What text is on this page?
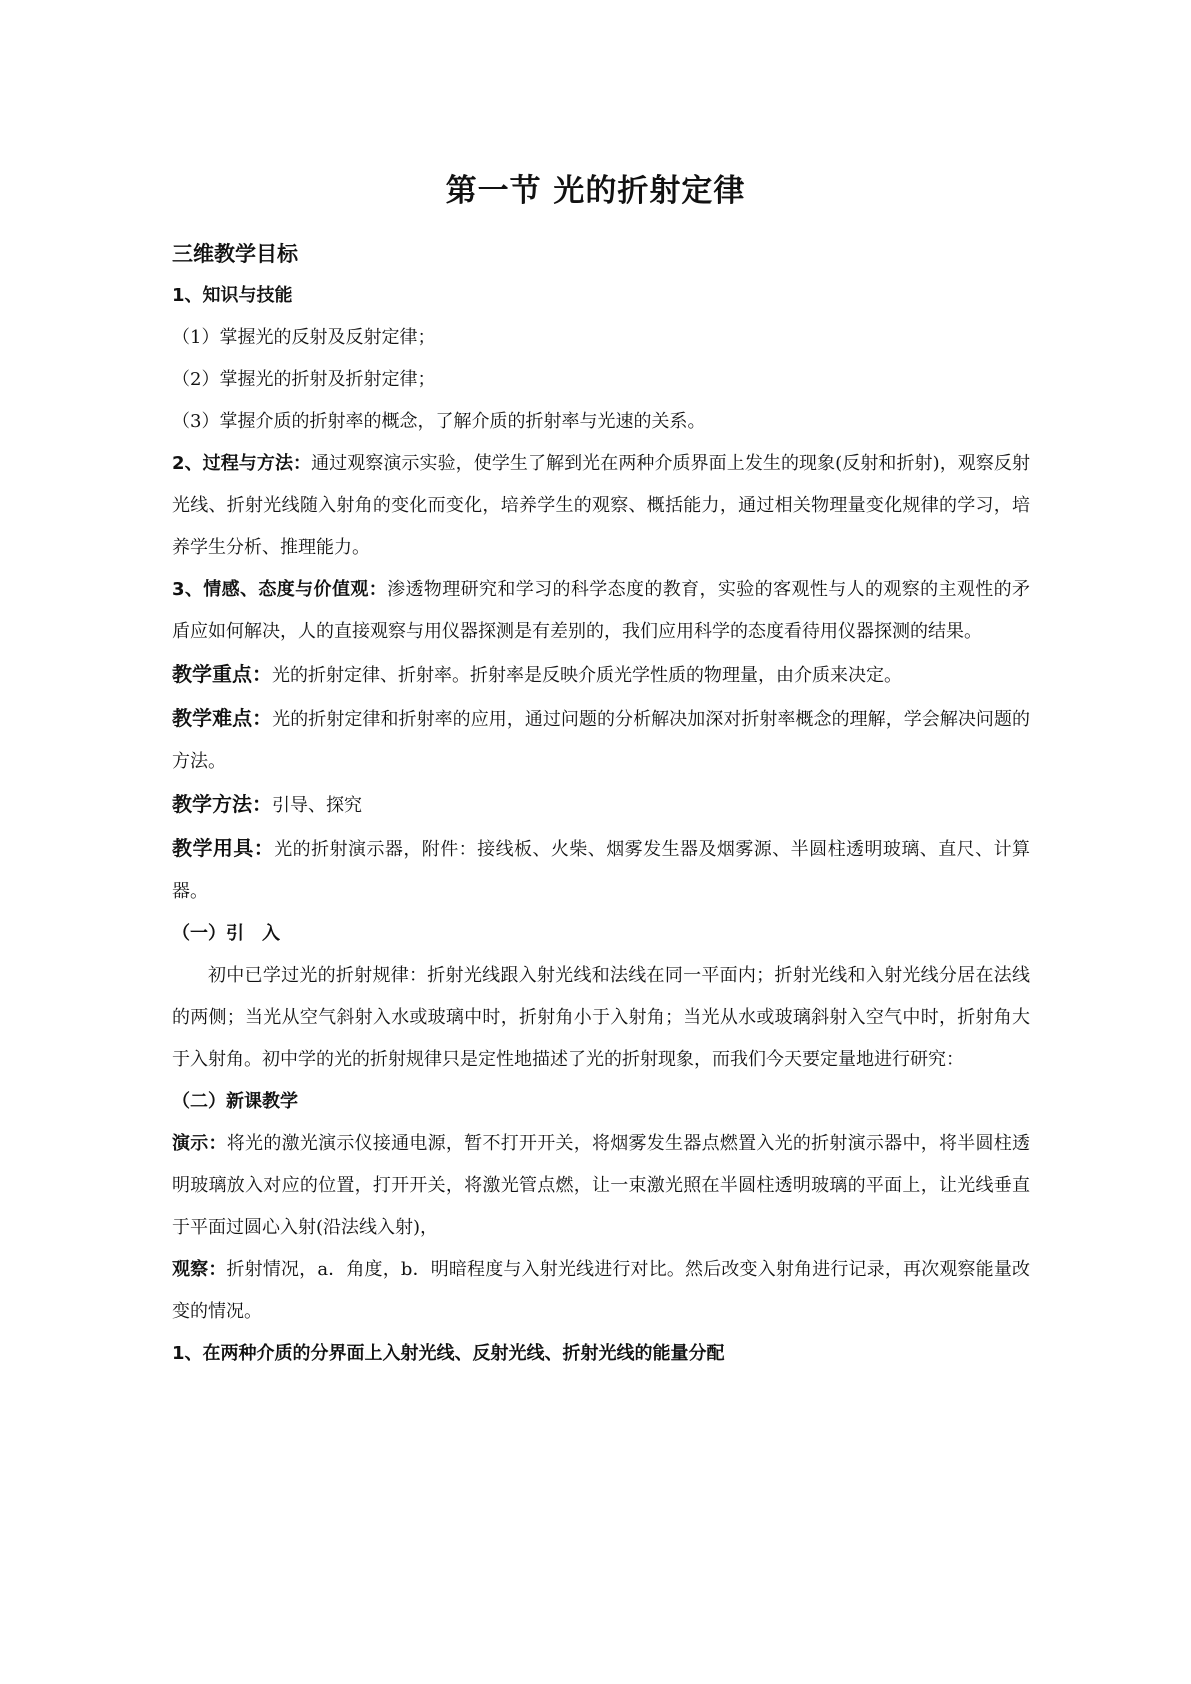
第一节 光的折射定律

三维教学目标

1、知识与技能

（1）掌握光的反射及反射定律；

（2）掌握光的折射及折射定律；

（3）掌握介质的折射率的概念，了解介质的折射率与光速的关系。

2、过程与方法：通过观察演示实验，使学生了解到光在两种介质界面上发生的现象(反射和折射)，观察反射光线、折射光线随入射角的变化而变化，培养学生的观察、概括能力，通过相关物理量变化规律的学习，培养学生分析、推理能力。

3、情感、态度与价值观：渗透物理研究和学习的科学态度的教育，实验的客观性与人的观察的主观性的矛盾应如何解决，人的直接观察与用仪器探测是有差别的，我们应用科学的态度看待用仪器探测的结果。

教学重点：光的折射定律、折射率。折射率是反映介质光学性质的物理量，由介质来决定。

教学难点：光的折射定律和折射率的应用，通过问题的分析解决加深对折射率概念的理解，学会解决问题的方法。

教学方法：引导、探究

教学用具：光的折射演示器，附件：接线板、火柴、烟雾发生器及烟雾源、半圆柱透明玻璃、直尺、计算器。

（一）引　入

初中已学过光的折射规律：折射光线跟入射光线和法线在同一平面内；折射光线和入射光线分居在法线的两侧；当光从空气斜射入水或玻璃中时，折射角小于入射角；当光从水或玻璃斜射入空气中时，折射角大于入射角。初中学的光的折射规律只是定性地描述了光的折射现象，而我们今天要定量地进行研究：

（二）新课教学

演示：将光的激光演示仪接通电源，暂不打开开关，将烟雾发生器点燃置入光的折射演示器中，将半圆柱透明玻璃放入对应的位置，打开开关，将激光管点燃，让一束激光照在半圆柱透明玻璃的平面上，让光线垂直于平面过圆心入射(沿法线入射)，

观察：折射情况，a．角度，b．明暗程度与入射光线进行对比。然后改变入射角进行记录，再次观察能量改变的情况。

1、在两种介质的分界面上入射光线、反射光线、折射光线的能量分配
